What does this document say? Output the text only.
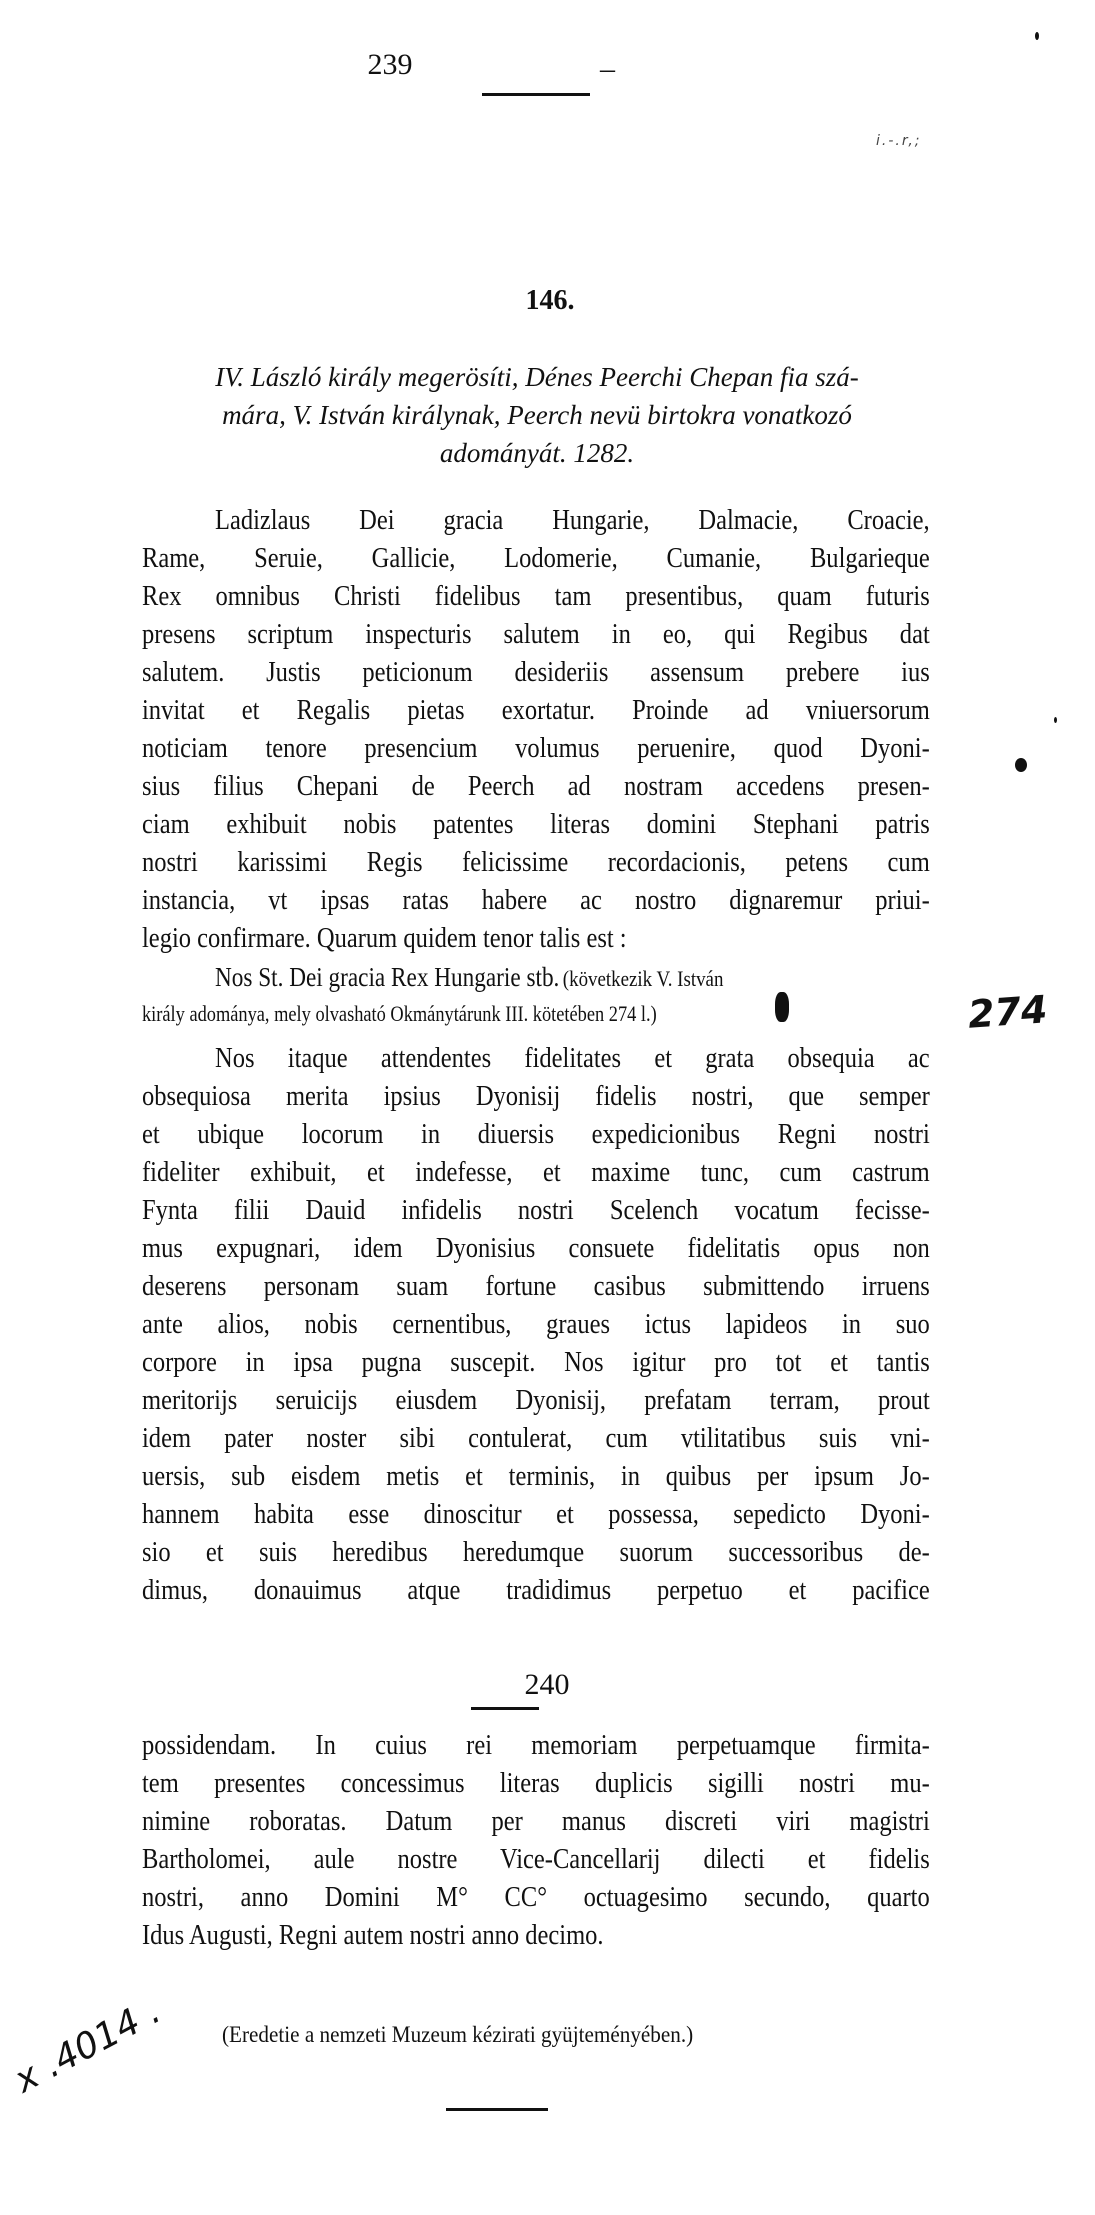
239	–
i.-.r,;
146.
IV. László király megerösíti, Dénes Peerchi Chepan fia szá-
mára, V. István királynak, Peerch nevü birtokra vonatkozó
adományát. 1282.
Ladizlaus Dei gracia Hungarie, Dalmacie, Croacie,
Rame, Seruie, Gallicie, Lodomerie, Cumanie, Bulgarieque
Rex omnibus Christi fidelibus tam presentibus, quam futuris
presens scriptum inspecturis salutem in eo, qui Regibus dat
salutem. Justis peticionum desideriis assensum prebere ius
invitat et Regalis pietas exortatur. Proinde ad vniuersorum
noticiam tenore presencium volumus peruenire, quod Dyoni-
sius filius Chepani de Peerch ad nostram accedens presen-
ciam exhibuit nobis patentes literas domini Stephani patris
nostri karissimi Regis felicissime recordacionis, petens cum
instancia, vt ipsas ratas habere ac nostro dignaremur priui-
legio confirmare. Quarum quidem tenor talis est :
Nos St. Dei gracia Rex Hungarie stb. (következik V. István
király adománya, mely olvasható Okmánytárunk III. kötetében 274 l.)	274
Nos itaque attendentes fidelitates et grata obsequia ac
obsequiosa merita ipsius Dyonisij fidelis nostri, que semper
et ubique locorum in diuersis expedicionibus Regni nostri
fideliter exhibuit, et indefesse, et maxime tunc, cum castrum
Fynta filii Dauid infidelis nostri Scelench vocatum fecisse-
mus expugnari, idem Dyonisius consuete fidelitatis opus non
deserens personam suam fortune casibus submittendo irruens
ante alios, nobis cernentibus, graues ictus lapideos in suo
corpore in ipsa pugna suscepit. Nos igitur pro tot et tantis
meritorijs seruicijs eiusdem Dyonisij, prefatam terram, prout
idem pater noster sibi contulerat, cum vtilitatibus suis vni-
uersis, sub eisdem metis et terminis, in quibus per ipsum Jo-
hannem habita esse dinoscitur et possessa, sepedicto Dyoni-
sio et suis heredibus heredumque suorum successoribus de-
dimus, donauimus atque tradidimus perpetuo et pacifice
240
possidendam. In cuius rei memoriam perpetuamque firmita-
tem presentes concessimus literas duplicis sigilli nostri mu-
nimine roboratas. Datum per manus discreti viri magistri
Bartholomei, aule nostre Vice-Cancellarij dilecti et fidelis
nostri, anno Domini M° CC° octuagesimo secundo, quarto
Idus Augusti, Regni autem nostri anno decimo.
(Eredetie a nemzeti Muzeum kézirati gyüjteményében.)
x .4014 .
